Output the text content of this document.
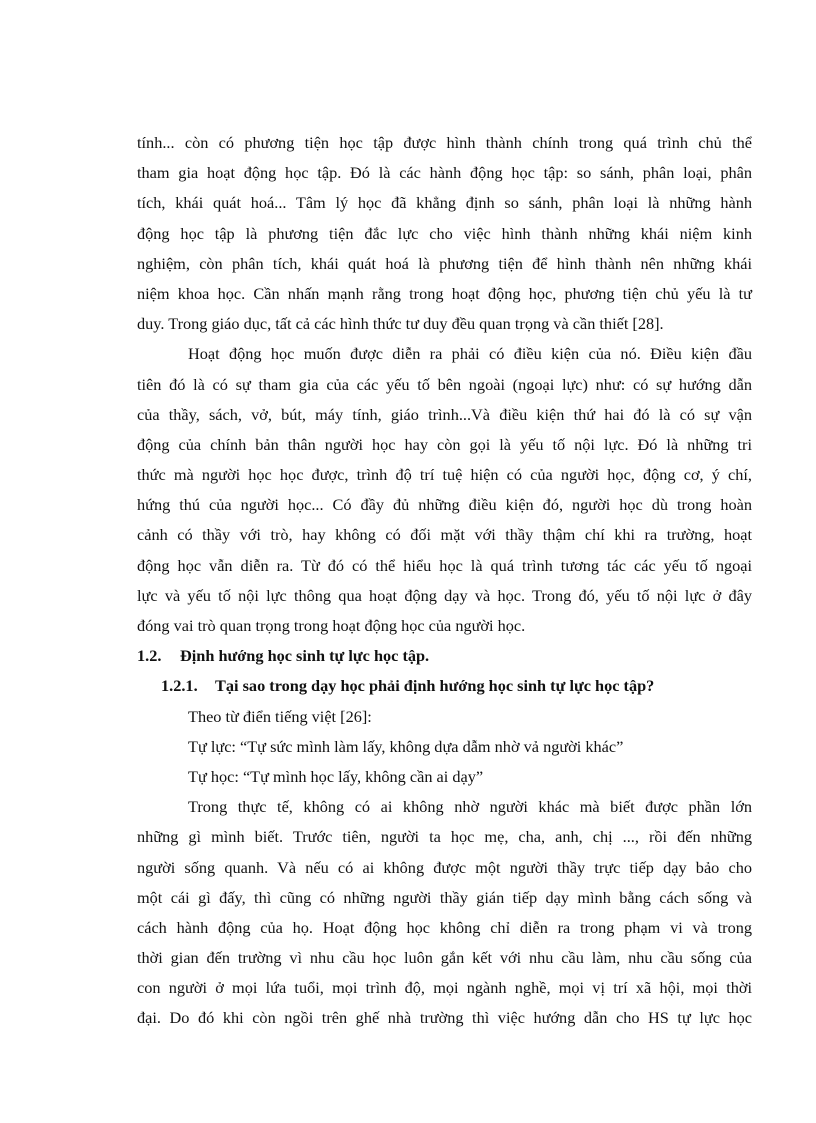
tính... còn có phương tiện học tập được hình thành chính trong quá trình chủ thể
tham gia hoạt động học tập. Đó là các hành động học tập: so sánh, phân loại, phân
tích, khái quát hoá... Tâm lý học đã khẳng định so sánh, phân loại là những hành
động học tập là phương tiện đắc lực cho việc hình thành những khái niệm kinh
nghiệm, còn phân tích, khái quát hoá là phương tiện để hình thành nên những khái
niệm khoa học. Cần nhấn mạnh rằng trong hoạt động học, phương tiện chủ yếu là tư
duy. Trong giáo dục, tất cả các hình thức tư duy đều quan trọng và cần thiết [28].
Hoạt động học muốn được diễn ra phải có điều kiện của nó. Điều kiện đầu
tiên đó là có sự tham gia của các yếu tố bên ngoài (ngoại lực) như: có sự hướng dẫn
của thầy, sách, vở, bút, máy tính, giáo trình...Và điều kiện thứ hai đó là có sự vận
động của chính bản thân người học hay còn gọi là yếu tố nội lực. Đó là những tri
thức mà người học học được, trình độ trí tuệ hiện có của người học, động cơ, ý chí,
hứng thú của người học... Có đầy đủ những điều kiện đó, người học dù trong hoàn
cảnh có thầy với trò, hay không có đối mặt với thầy thậm chí khi ra trường, hoạt
động học vẫn diễn ra. Từ đó có thể hiểu học là quá trình tương tác các yếu tố ngoại
lực và yếu tố nội lực thông qua hoạt động dạy và học. Trong đó, yếu tố nội lực ở đây
đóng vai trò quan trọng trong hoạt động học của người học.
1.2. Định hướng học sinh tự lực học tập.
1.2.1. Tại sao trong dạy học phải định hướng học sinh tự lực học tập?
Theo từ điển tiếng việt [26]:
Tự lực: “Tự sức mình làm lấy, không dựa dẫm nhờ vả người khác”
Tự học: “Tự mình học lấy, không cần ai dạy”
Trong thực tế, không có ai không nhờ người khác mà biết được phần lớn
những gì mình biết. Trước tiên, người ta học mẹ, cha, anh, chị ..., rồi đến những
người sống quanh. Và nếu có ai không được một người thầy trực tiếp dạy bảo cho
một cái gì đấy, thì cũng có những người thầy gián tiếp dạy mình bằng cách sống và
cách hành động của họ. Hoạt động học không chỉ diễn ra trong phạm vi và trong
thời gian đến trường vì nhu cầu học luôn gắn kết với nhu cầu làm, nhu cầu sống của
con người ở mọi lứa tuổi, mọi trình độ, mọi ngành nghề, mọi vị trí xã hội, mọi thời
đại. Do đó khi còn ngồi trên ghế nhà trường thì việc hướng dẫn cho HS tự lực học
